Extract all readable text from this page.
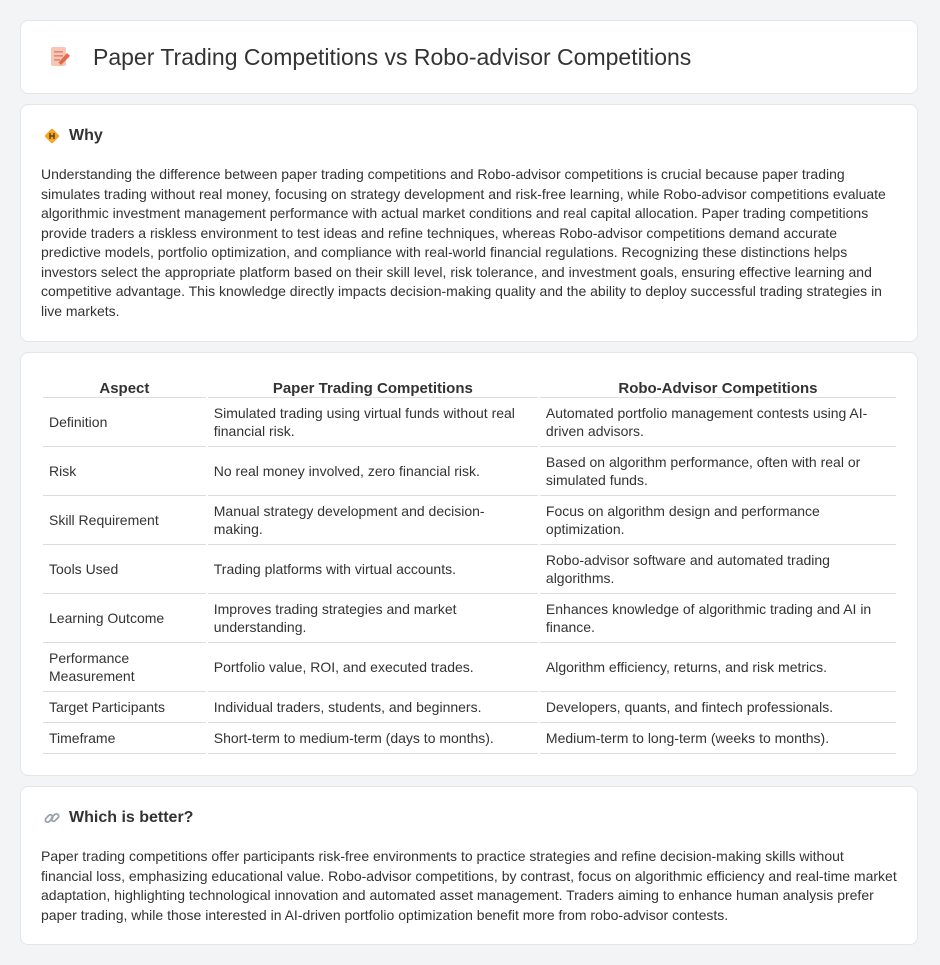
Paper Trading Competitions vs Robo-advisor Competitions
Why

Understanding the difference between paper trading competitions and Robo-advisor competitions is crucial because paper trading simulates trading without real money, focusing on strategy development and risk-free learning, while Robo-advisor competitions evaluate algorithmic investment management performance with actual market conditions and real capital allocation. Paper trading competitions provide traders a riskless environment to test ideas and refine techniques, whereas Robo-advisor competitions demand accurate predictive models, portfolio optimization, and compliance with real-world financial regulations. Recognizing these distinctions helps investors select the appropriate platform based on their skill level, risk tolerance, and investment goals, ensuring effective learning and competitive advantage. This knowledge directly impacts decision-making quality and the ability to deploy successful trading strategies in live markets.

Aspect	Paper Trading Competitions	Robo-Advisor Competitions
Definition	Simulated trading using virtual funds without real financial risk.	Automated portfolio management contests using AI-driven advisors.
Risk	No real money involved, zero financial risk.	Based on algorithm performance, often with real or simulated funds.
Skill Requirement	Manual strategy development and decision-making.	Focus on algorithm design and performance optimization.
Tools Used	Trading platforms with virtual accounts.	Robo-advisor software and automated trading algorithms.
Learning Outcome	Improves trading strategies and market understanding.	Enhances knowledge of algorithmic trading and AI in finance.
Performance Measurement	Portfolio value, ROI, and executed trades.	Algorithm efficiency, returns, and risk metrics.
Target Participants	Individual traders, students, and beginners.	Developers, quants, and fintech professionals.
Timeframe	Short-term to medium-term (days to months).	Medium-term to long-term (weeks to months).
Which is better?

Paper trading competitions offer participants risk-free environments to practice strategies and refine decision-making skills without financial loss, emphasizing educational value. Robo-advisor competitions, by contrast, focus on algorithmic efficiency and real-time market adaptation, highlighting technological innovation and automated asset management. Traders aiming to enhance human analysis prefer paper trading, while those interested in AI-driven portfolio optimization benefit more from robo-advisor contests.
